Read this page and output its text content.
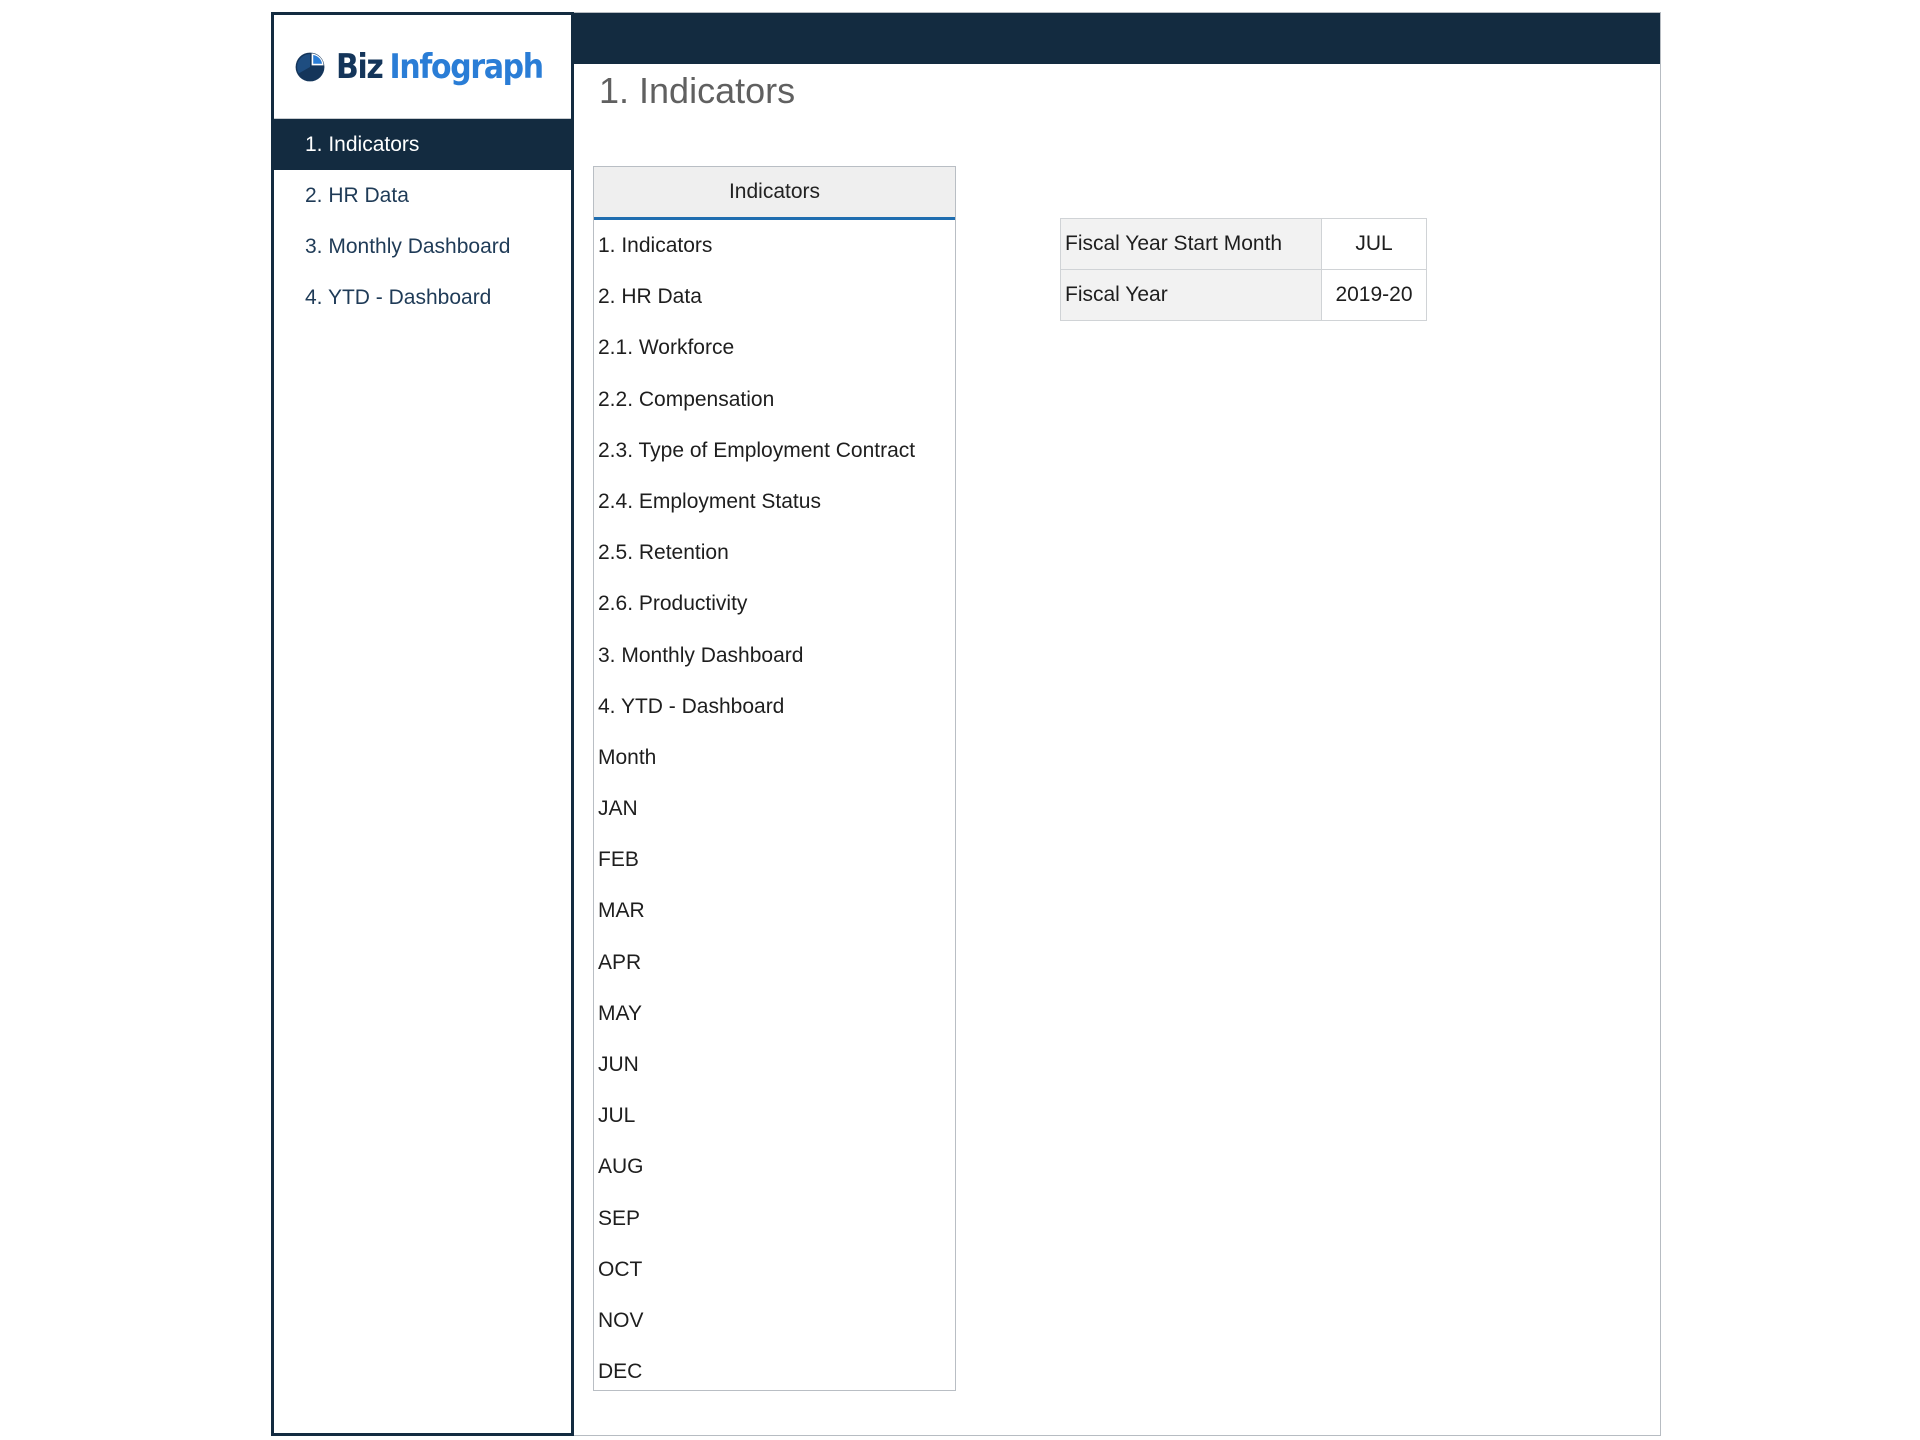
Biz Infograph
1. Indicators
2. HR Data
3. Monthly Dashboard
4. YTD - Dashboard
1. Indicators
Indicators
1. Indicators
2. HR Data
2.1. Workforce
2.2. Compensation
2.3. Type of Employment Contract
2.4. Employment Status
2.5. Retention
2.6. Productivity
3. Monthly Dashboard
4. YTD - Dashboard
Month
JAN
FEB
MAR
APR
MAY
JUN
JUL
AUG
SEP
OCT
NOV
DEC
Fiscal Year Start Month	JUL
Fiscal Year	2019-20
